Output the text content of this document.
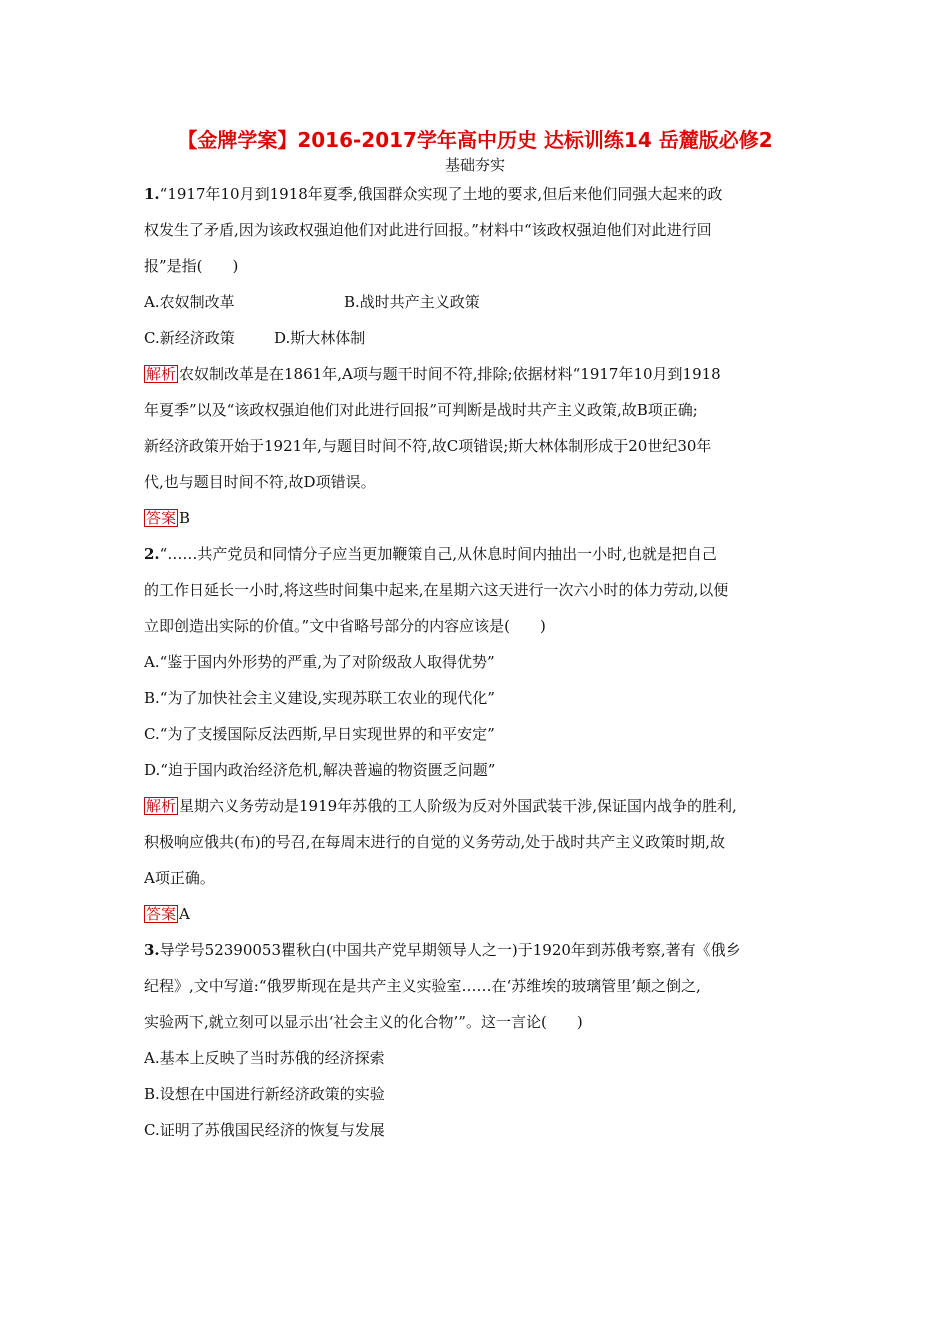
【金牌学案】2016-2017学年高中历史 达标训练14 岳麓版必修2
基础夯实
1.“1917年10月到1918年夏季,俄国群众实现了土地的要求,但后来他们同强大起来的政
权发生了矛盾,因为该政权强迫他们对此进行回报。”材料中“该政权强迫他们对此进行回
报”是指(　　)
A.农奴制改革	B.战时共产主义政策
C.新经济政策	D.斯大林体制
解析 农奴制改革是在1861年,A项与题干时间不符,排除;依据材料“1917年10月到1918
年夏季”以及“该政权强迫他们对此进行回报”可判断是战时共产主义政策,故B项正确;
新经济政策开始于1921年,与题目时间不符,故C项错误;斯大林体制形成于20世纪30年
代,也与题目时间不符,故D项错误。
答案 B
2.“……共产党员和同情分子应当更加鞭策自己,从休息时间内抽出一小时,也就是把自己
的工作日延长一小时,将这些时间集中起来,在星期六这天进行一次六小时的体力劳动,以便
立即创造出实际的价值。”文中省略号部分的内容应该是(　　)
A.“鉴于国内外形势的严重,为了对阶级敌人取得优势”
B.“为了加快社会主义建设,实现苏联工农业的现代化”
C.“为了支援国际反法西斯,早日实现世界的和平安定”
D.“迫于国内政治经济危机,解决普遍的物资匮乏问题”
解析 星期六义务劳动是1919年苏俄的工人阶级为反对外国武装干涉,保证国内战争的胜利,
积极响应俄共(布)的号召,在每周末进行的自觉的义务劳动,处于战时共产主义政策时期,故
A项正确。
答案 A
3.导学号52390053瞿秋白(中国共产党早期领导人之一)于1920年到苏俄考察,著有《俄乡
纪程》,文中写道:“俄罗斯现在是共产主义实验室……在‘苏维埃的玻璃管里’颠之倒之,
实验两下,就立刻可以显示出‘社会主义的化合物’”。这一言论(　　)
A.基本上反映了当时苏俄的经济探索
B.设想在中国进行新经济政策的实验
C.证明了苏俄国民经济的恢复与发展
